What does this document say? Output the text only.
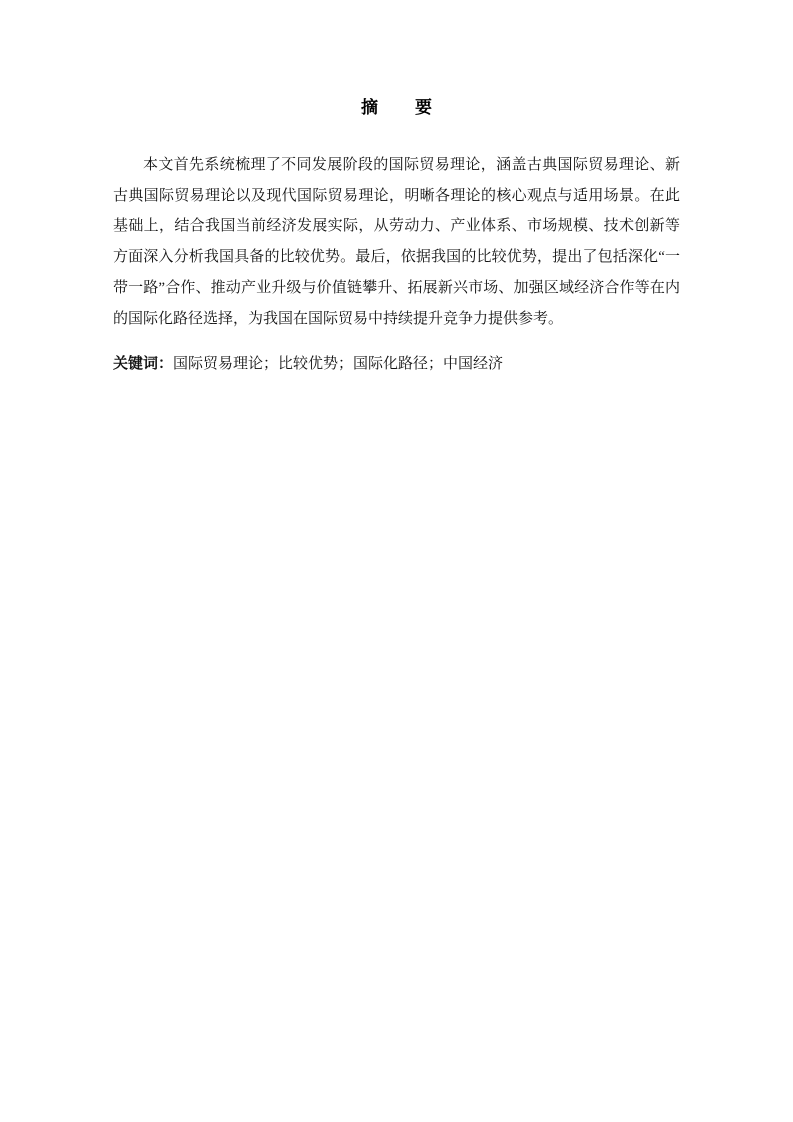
摘　要

本文首先系统梳理了不同发展阶段的国际贸易理论，涵盖古典国际贸易理论、新古典国际贸易理论以及现代国际贸易理论，明晰各理论的核心观点与适用场景。在此基础上，结合我国当前经济发展实际，从劳动力、产业体系、市场规模、技术创新等方面深入分析我国具备的比较优势。最后，依据我国的比较优势，提出了包括深化“一带一路”合作、推动产业升级与价值链攀升、拓展新兴市场、加强区域经济合作等在内的国际化路径选择，为我国在国际贸易中持续提升竞争力提供参考。

关键词：国际贸易理论；比较优势；国际化路径；中国经济
